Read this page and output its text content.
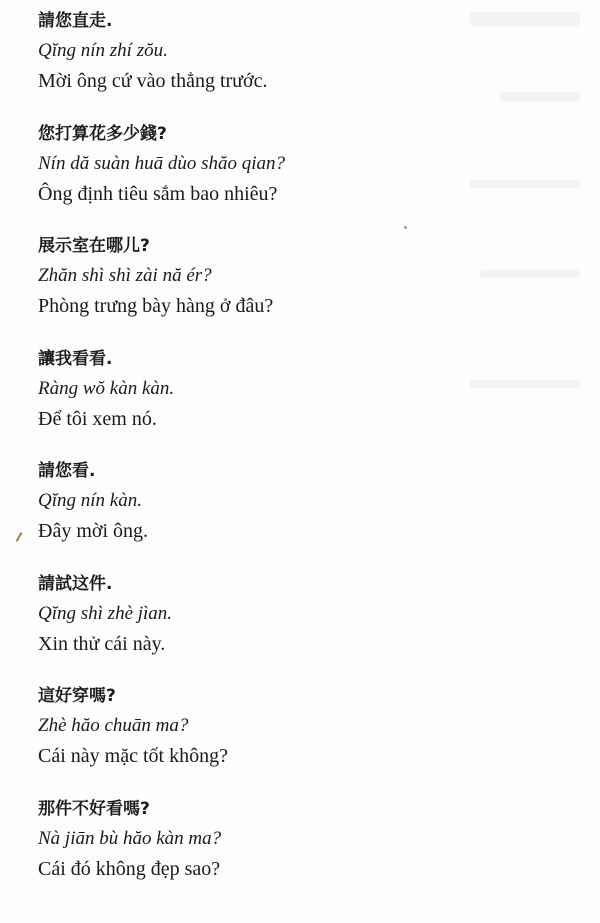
請您直走.
Qĭng nín zhí zŏu.
Mời ông cứ vào thẳng trước.
您打算花多少錢?
Nín dă suàn huā dùo shăo qian?
Ông định tiêu sắm bao nhiêu?
展示室在哪儿?
Zhăn shì shì zài nă ér?
Phòng trưng bày hàng ở đâu?
讓我看看.
Ràng wŏ kàn kàn.
Để tôi xem nó.
請您看.
Qĭng nín kàn.
Đây mời ông.
請試这件.
Qĭng shì zhè jìan.
Xin thử cái này.
這好穿嗎?
Zhè hăo chuān ma?
Cái này mặc tốt không?
那件不好看嗎?
Nà jiān bù hăo kàn ma?
Cái đó không đẹp sao?
